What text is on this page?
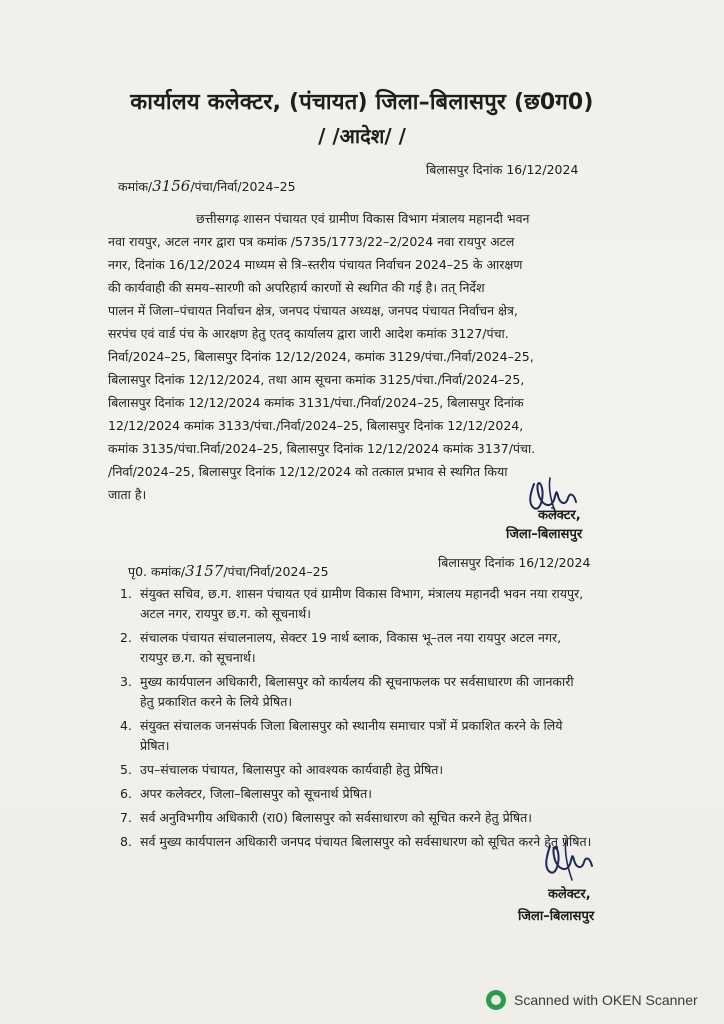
कार्यालय कलेक्टर, (पंचायत) जिला–बिलासपुर (छ0ग0)
/ /आदेश/ /
कमांक/3156/पंचा/निर्वा/2024–25
बिलासपुर दिनांक 16/12/2024
छत्तीसगढ़ शासन पंचायत एवं ग्रामीण विकास विभाग मंत्रालय महानदी भवन
नवा रायपुर, अटल नगर द्वारा पत्र कमांक /5735/1773/22–2/2024 नवा रायपुर अटल
नगर, दिनांक 16/12/2024 माध्यम से त्रि–स्तरीय पंचायत निर्वाचन 2024–25 के आरक्षण
की कार्यवाही की समय–सारणी को अपरिहार्य कारणों से स्थगित की गई है। तत् निर्देश
पालन में जिला–पंचायत निर्वाचन क्षेत्र, जनपद पंचायत अध्यक्ष, जनपद पंचायत निर्वाचन क्षेत्र,
सरपंच एवं वार्ड पंच के आरक्षण हेतु एतद् कार्यालय द्वारा जारी आदेश कमांक 3127/पंचा.
निर्वा/2024–25, बिलासपुर दिनांक 12/12/2024, कमांक 3129/पंचा./निर्वा/2024–25,
बिलासपुर दिनांक 12/12/2024, तथा आम सूचना कमांक 3125/पंचा./निर्वा/2024–25,
बिलासपुर दिनांक 12/12/2024 कमांक 3131/पंचा./निर्वा/2024–25, बिलासपुर दिनांक
12/12/2024 कमांक 3133/पंचा./निर्वा/2024–25, बिलासपुर दिनांक 12/12/2024,
कमांक 3135/पंचा.निर्वा/2024–25, बिलासपुर दिनांक 12/12/2024 कमांक 3137/पंचा.
/निर्वा/2024–25, बिलासपुर दिनांक 12/12/2024 को तत्काल प्रभाव से स्थगित किया
जाता है।
कलेक्टर,
जिला–बिलासपुर
पृ0. कमांक/3157/पंचा/निर्वा/2024–25
बिलासपुर दिनांक 16/12/2024
1. संयुक्त सचिव, छ.ग. शासन पंचायत एवं ग्रामीण विकास विभाग, मंत्रालय महानदी भवन नया रायपुर,
अटल नगर, रायपुर छ.ग. को सूचनार्थ।
2. संचालक पंचायत संचालनालय, सेक्टर 19 नार्थ ब्लाक, विकास भू–तल नया रायपुर अटल नगर,
रायपुर छ.ग. को सूचनार्थ।
3. मुख्य कार्यपालन अधिकारी, बिलासपुर को कार्यलय की सूचनाफलक पर सर्वसाधारण की जानकारी
हेतु प्रकाशित करने के लिये प्रेषित।
4. संयुक्त संचालक जनसंपर्क जिला बिलासपुर को स्थानीय समाचार पत्रों में प्रकाशित करने के लिये
प्रेषित।
5. उप–संचालक पंचायत, बिलासपुर को आवश्यक कार्यवाही हेतु प्रेषित।
6. अपर कलेक्टर, जिला–बिलासपुर को सूचनार्थ प्रेषित।
7. सर्व अनुविभगीय अधिकारी (रा0) बिलासपुर को सर्वसाधारण को सूचित करने हेतु प्रेषित।
8. सर्व मुख्य कार्यपालन अधिकारी जनपद पंचायत बिलासपुर को सर्वसाधारण को सूचित करने हेतु प्रेषित।
कलेक्टर,
जिला–बिलासपुर
Scanned with OKEN Scanner
